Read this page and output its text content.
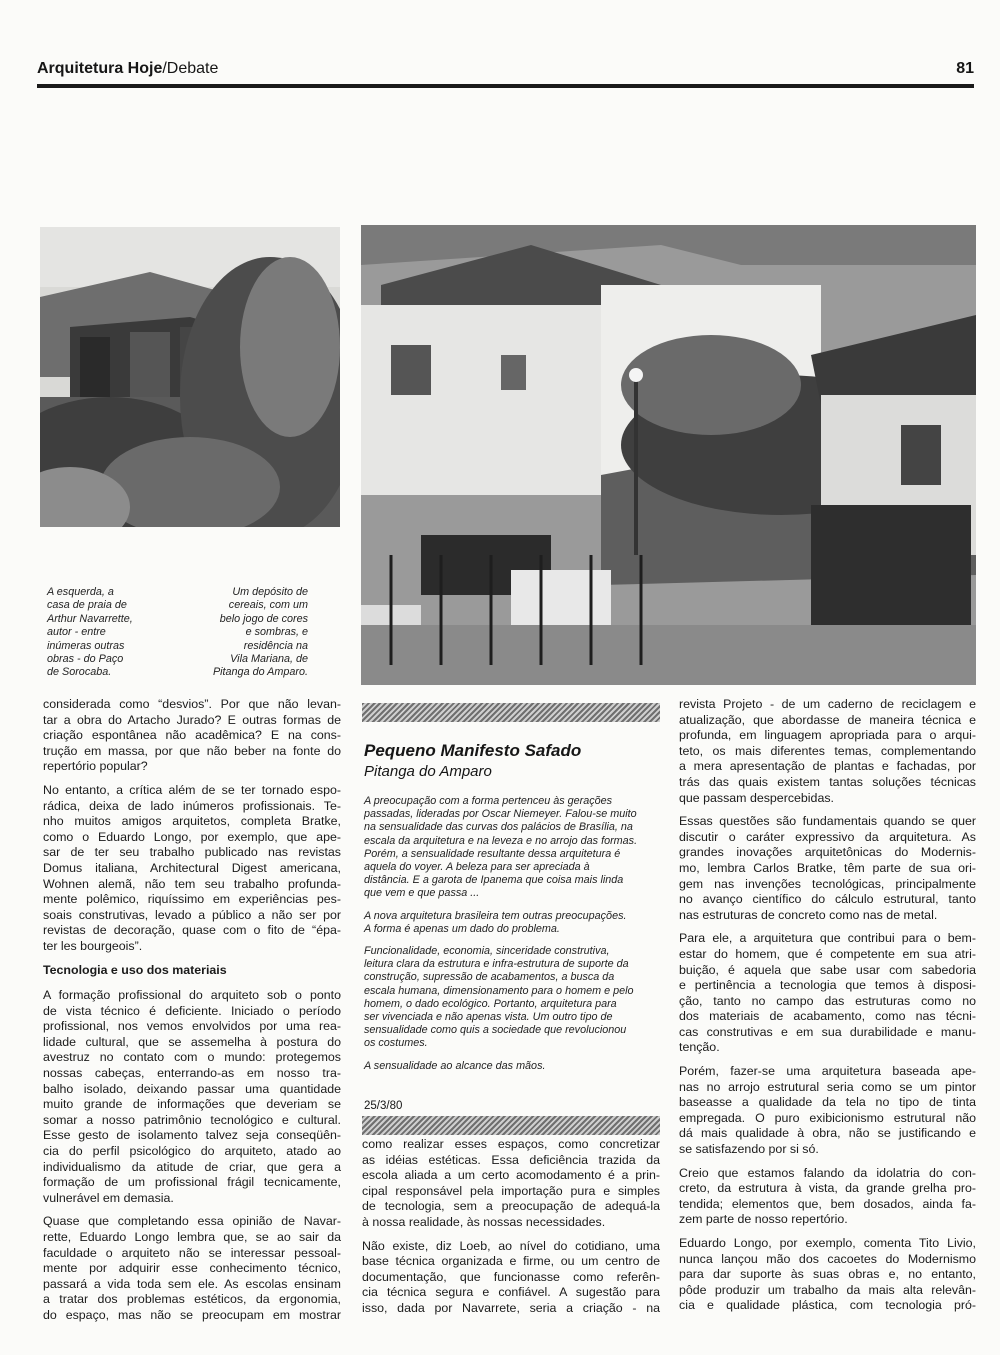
Arquitetura Hoje/Debate	81

A esquerda, a

casa de praia de

Arthur Navarrette,

autor - entre

inúmeras outras

obras - do Paço

de Sorocaba.

Um depósito de

cereais, com um

belo jogo de cores

e sombras, e

residência na

Vila Mariana, de

Pitanga do Amparo.

considerada como “desvios”. Por que não levan-
tar a obra do Artacho Jurado? E outras formas de
criação espontânea não acadêmica? E na cons-
trução em massa, por que não beber na fonte do
repertório popular?

No entanto, a crítica além de se ter tornado espo-
rádica, deixa de lado inúmeros profissionais. Te-
nho muitos amigos arquitetos, completa Bratke,
como o Eduardo Longo, por exemplo, que ape-
sar de ter seu trabalho publicado nas revistas
Domus italiana, Architectural Digest americana,
Wohnen alemã, não tem seu trabalho profunda-
mente polêmico, riquíssimo em experiências pes-
soais construtivas, levado a público a não ser por
revistas de decoração, quase com o fito de “épa-
ter les bourgeois”.

Tecnologia e uso dos materiais

A formação profissional do arquiteto sob o ponto
de vista técnico é deficiente. Iniciado o período
profissional, nos vemos envolvidos por uma rea-
lidade cultural, que se assemelha à postura do
avestruz no contato com o mundo: protegemos
nossas cabeças, enterrando-as em nosso tra-
balho isolado, deixando passar uma quantidade
muito grande de informações que deveriam se
somar a nosso patrimônio tecnológico e cultural.
Esse gesto de isolamento talvez seja conseqüên-
cia do perfil psicológico do arquiteto, atado ao
individualismo da atitude de criar, que gera a
formação de um profissional frágil tecnicamente,
vulnerável em demasia.

Quase que completando essa opinião de Navar-
rette, Eduardo Longo lembra que, se ao sair da
faculdade o arquiteto não se interessar pessoal-
mente por adquirir esse conhecimento técnico,
passará a vida toda sem ele. As escolas ensinam
a tratar dos problemas estéticos, da ergonomia,
do espaço, mas não se preocupam em mostrar

Pequeno Manifesto Safado
Pitanga do Amparo

A preocupação com a forma pertenceu às gerações
passadas, lideradas por Oscar Niemeyer. Falou-se muito
na sensualidade das curvas dos palácios de Brasília, na
escala da arquitetura e na leveza e no arrojo das formas.
Porém, a sensualidade resultante dessa arquitetura é
aquela do voyer. A beleza para ser apreciada à
distância. E a garota de Ipanema que coisa mais linda
que vem e que passa ...

A nova arquitetura brasileira tem outras preocupações.
A forma é apenas um dado do problema.

Funcionalidade, economia, sinceridade construtiva,
leitura clara da estrutura e infra-estrutura de suporte da
construção, supressão de acabamentos, a busca da
escala humana, dimensionamento para o homem e pelo
homem, o dado ecológico. Portanto, arquitetura para
ser vivenciada e não apenas vista. Um outro tipo de
sensualidade como quis a sociedade que revolucionou
os costumes.

A sensualidade ao alcance das mãos.

25/3/80

como realizar esses espaços, como concretizar
as idéias estéticas. Essa deficiência trazida da
escola aliada a um certo acomodamento é a prin-
cipal responsável pela importação pura e simples
de tecnologia, sem a preocupação de adequá-la
à nossa realidade, às nossas necessidades.

Não existe, diz Loeb, ao nível do cotidiano, uma
base técnica organizada e firme, ou um centro de
documentação, que funcionasse como referên-
cia técnica segura e confiável. A sugestão para
isso, dada por Navarrete, seria a criação - na

revista Projeto - de um caderno de reciclagem e
atualização, que abordasse de maneira técnica e
profunda, em linguagem apropriada para o arqui-
teto, os mais diferentes temas, complementando
a mera apresentação de plantas e fachadas, por
trás das quais existem tantas soluções técnicas
que passam despercebidas.

Essas questões são fundamentais quando se quer
discutir o caráter expressivo da arquitetura. As
grandes inovações arquitetônicas do Modernis-
mo, lembra Carlos Bratke, têm parte de sua ori-
gem nas invenções tecnológicas, principalmente
no avanço científico do cálculo estrutural, tanto
nas estruturas de concreto como nas de metal.

Para ele, a arquitetura que contribui para o bem-
estar do homem, que é competente em sua atri-
buição, é aquela que sabe usar com sabedoria
e pertinência a tecnologia que temos à disposi-
ção, tanto no campo das estruturas como no
dos materiais de acabamento, como nas técni-
cas construtivas e em sua durabilidade e manu-
tenção.

Porém, fazer-se uma arquitetura baseada ape-
nas no arrojo estrutural seria como se um pintor
baseasse a qualidade da tela no tipo de tinta
empregada. O puro exibicionismo estrutural não
dá mais qualidade à obra, não se justificando e
se satisfazendo por si só.

Creio que estamos falando da idolatria do con-
creto, da estrutura à vista, da grande grelha pro-
tendida; elementos que, bem dosados, ainda fa-
zem parte de nosso repertório.

Eduardo Longo, por exemplo, comenta Tito Livio,
nunca lançou mão dos cacoetes do Modernismo
para dar suporte às suas obras e, no entanto,
pôde produzir um trabalho da mais alta relevân-
cia e qualidade plástica, com tecnologia pró-
